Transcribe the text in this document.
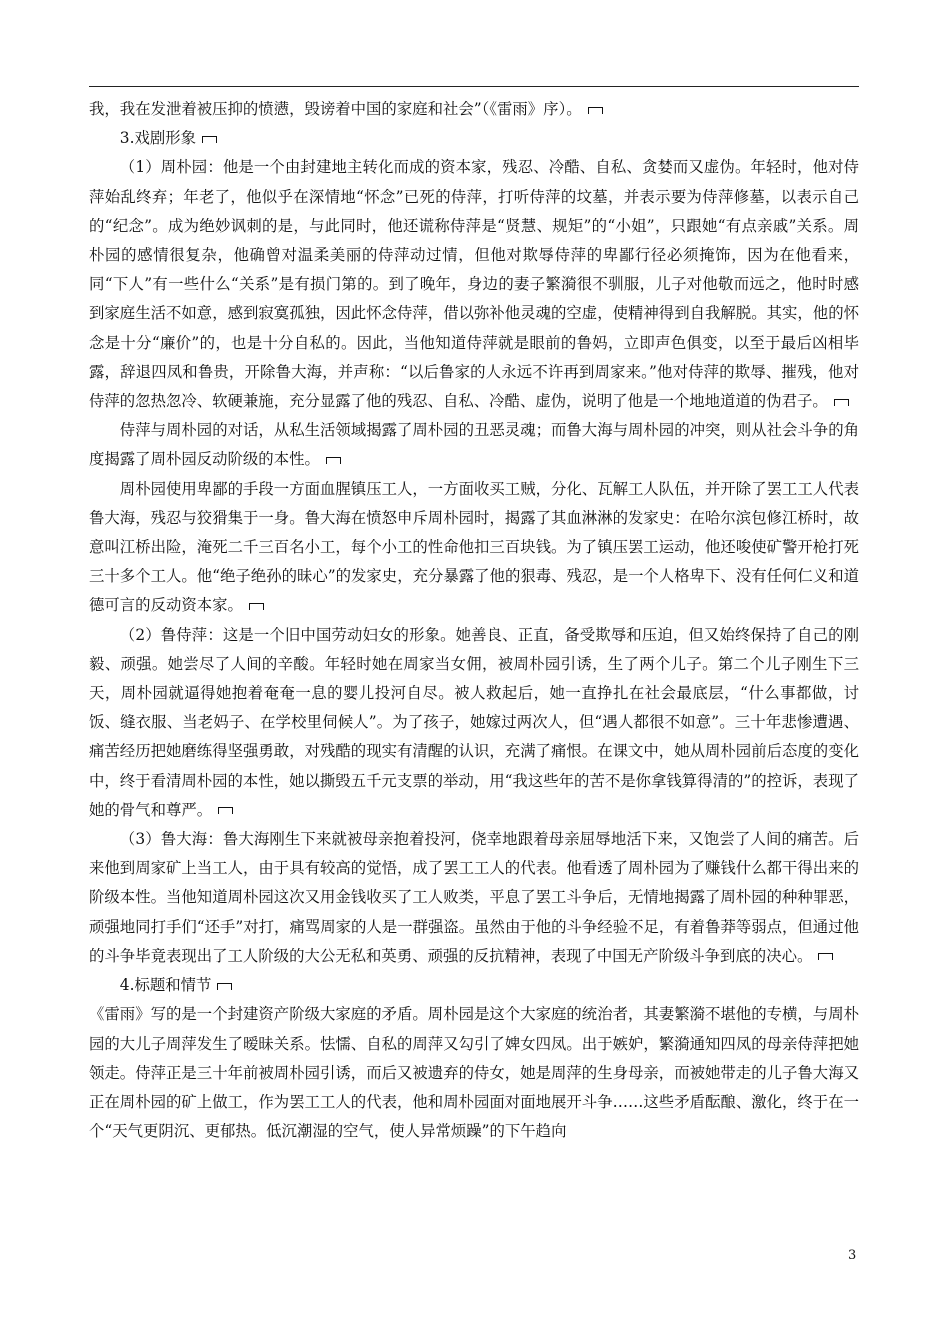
我，我在发泄着被压抑的愤懑，毁谤着中国的家庭和社会”（《雷雨》序）。

3.戏剧形象

（1）周朴园：他是一个由封建地主转化而成的资本家，残忍、冷酷、自私、贪婪而又虚伪。年轻时，他对侍萍始乱终弃；年老了，他似乎在深情地“怀念”已死的侍萍，打听侍萍的坟墓，并表示要为侍萍修墓，以表示自己的“纪念”。成为绝妙讽刺的是，与此同时，他还谎称侍萍是“贤慧、规矩”的“小姐”，只跟她“有点亲戚”关系。周朴园的感情很复杂，他确曾对温柔美丽的侍萍动过情，但他对欺辱侍萍的卑鄙行径必须掩饰，因为在他看来，同“下人”有一些什么“关系”是有损门第的。到了晚年，身边的妻子繁漪很不驯服，儿子对他敬而远之，他时时感到家庭生活不如意，感到寂寞孤独，因此怀念侍萍，借以弥补他灵魂的空虚，使精神得到自我解脱。其实，他的怀念是十分“廉价”的，也是十分自私的。因此，当他知道侍萍就是眼前的鲁妈，立即声色俱变，以至于最后凶相毕露，辞退四凤和鲁贵，开除鲁大海，并声称：“以后鲁家的人永远不许再到周家来。”他对侍萍的欺辱、摧残，他对侍萍的忽热忽冷、软硬兼施，充分显露了他的残忍、自私、冷酷、虚伪，说明了他是一个地地道道的伪君子。

侍萍与周朴园的对话，从私生活领域揭露了周朴园的丑恶灵魂；而鲁大海与周朴园的冲突，则从社会斗争的角度揭露了周朴园反动阶级的本性。

周朴园使用卑鄙的手段一方面血腥镇压工人，一方面收买工贼，分化、瓦解工人队伍，并开除了罢工工人代表鲁大海，残忍与狡猾集于一身。鲁大海在愤怒申斥周朴园时，揭露了其血淋淋的发家史：在哈尔滨包修江桥时，故意叫江桥出险，淹死二千三百名小工，每个小工的性命他扣三百块钱。为了镇压罢工运动，他还唆使矿警开枪打死三十多个工人。他“绝子绝孙的昧心”的发家史，充分暴露了他的狠毒、残忍，是一个人格卑下、没有任何仁义和道德可言的反动资本家。

（2）鲁侍萍：这是一个旧中国劳动妇女的形象。她善良、正直，备受欺辱和压迫，但又始终保持了自己的刚毅、顽强。她尝尽了人间的辛酸。年轻时她在周家当女佣，被周朴园引诱，生了两个儿子。第二个儿子刚生下三天，周朴园就逼得她抱着奄奄一息的婴儿投河自尽。被人救起后，她一直挣扎在社会最底层，“什么事都做，讨饭、缝衣服、当老妈子、在学校里伺候人”。为了孩子，她嫁过两次人，但“遇人都很不如意”。三十年悲惨遭遇、痛苦经历把她磨练得坚强勇敢，对残酷的现实有清醒的认识，充满了痛恨。在课文中，她从周朴园前后态度的变化中，终于看清周朴园的本性，她以撕毁五千元支票的举动，用“我这些年的苦不是你拿钱算得清的”的控诉，表现了她的骨气和尊严。

（3）鲁大海：鲁大海刚生下来就被母亲抱着投河，侥幸地跟着母亲屈辱地活下来，又饱尝了人间的痛苦。后来他到周家矿上当工人，由于具有较高的觉悟，成了罢工工人的代表。他看透了周朴园为了赚钱什么都干得出来的阶级本性。当他知道周朴园这次又用金钱收买了工人败类，平息了罢工斗争后，无情地揭露了周朴园的种种罪恶，顽强地同打手们“还手”对打，痛骂周家的人是一群强盗。虽然由于他的斗争经验不足，有着鲁莽等弱点，但通过他的斗争毕竟表现出了工人阶级的大公无私和英勇、顽强的反抗精神，表现了中国无产阶级斗争到底的决心。

4.标题和情节

《雷雨》写的是一个封建资产阶级大家庭的矛盾。周朴园是这个大家庭的统治者，其妻繁漪不堪他的专横，与周朴园的大儿子周萍发生了暧昧关系。怯懦、自私的周萍又勾引了婢女四凤。出于嫉妒，繁漪通知四凤的母亲侍萍把她领走。侍萍正是三十年前被周朴园引诱，而后又被遗弃的侍女，她是周萍的生身母亲，而被她带走的儿子鲁大海又正在周朴园的矿上做工，作为罢工工人的代表，他和周朴园面对面地展开斗争……这些矛盾酝酿、激化，终于在一个“天气更阴沉、更郁热。低沉潮湿的空气，使人异常烦躁”的下午趋向

3
